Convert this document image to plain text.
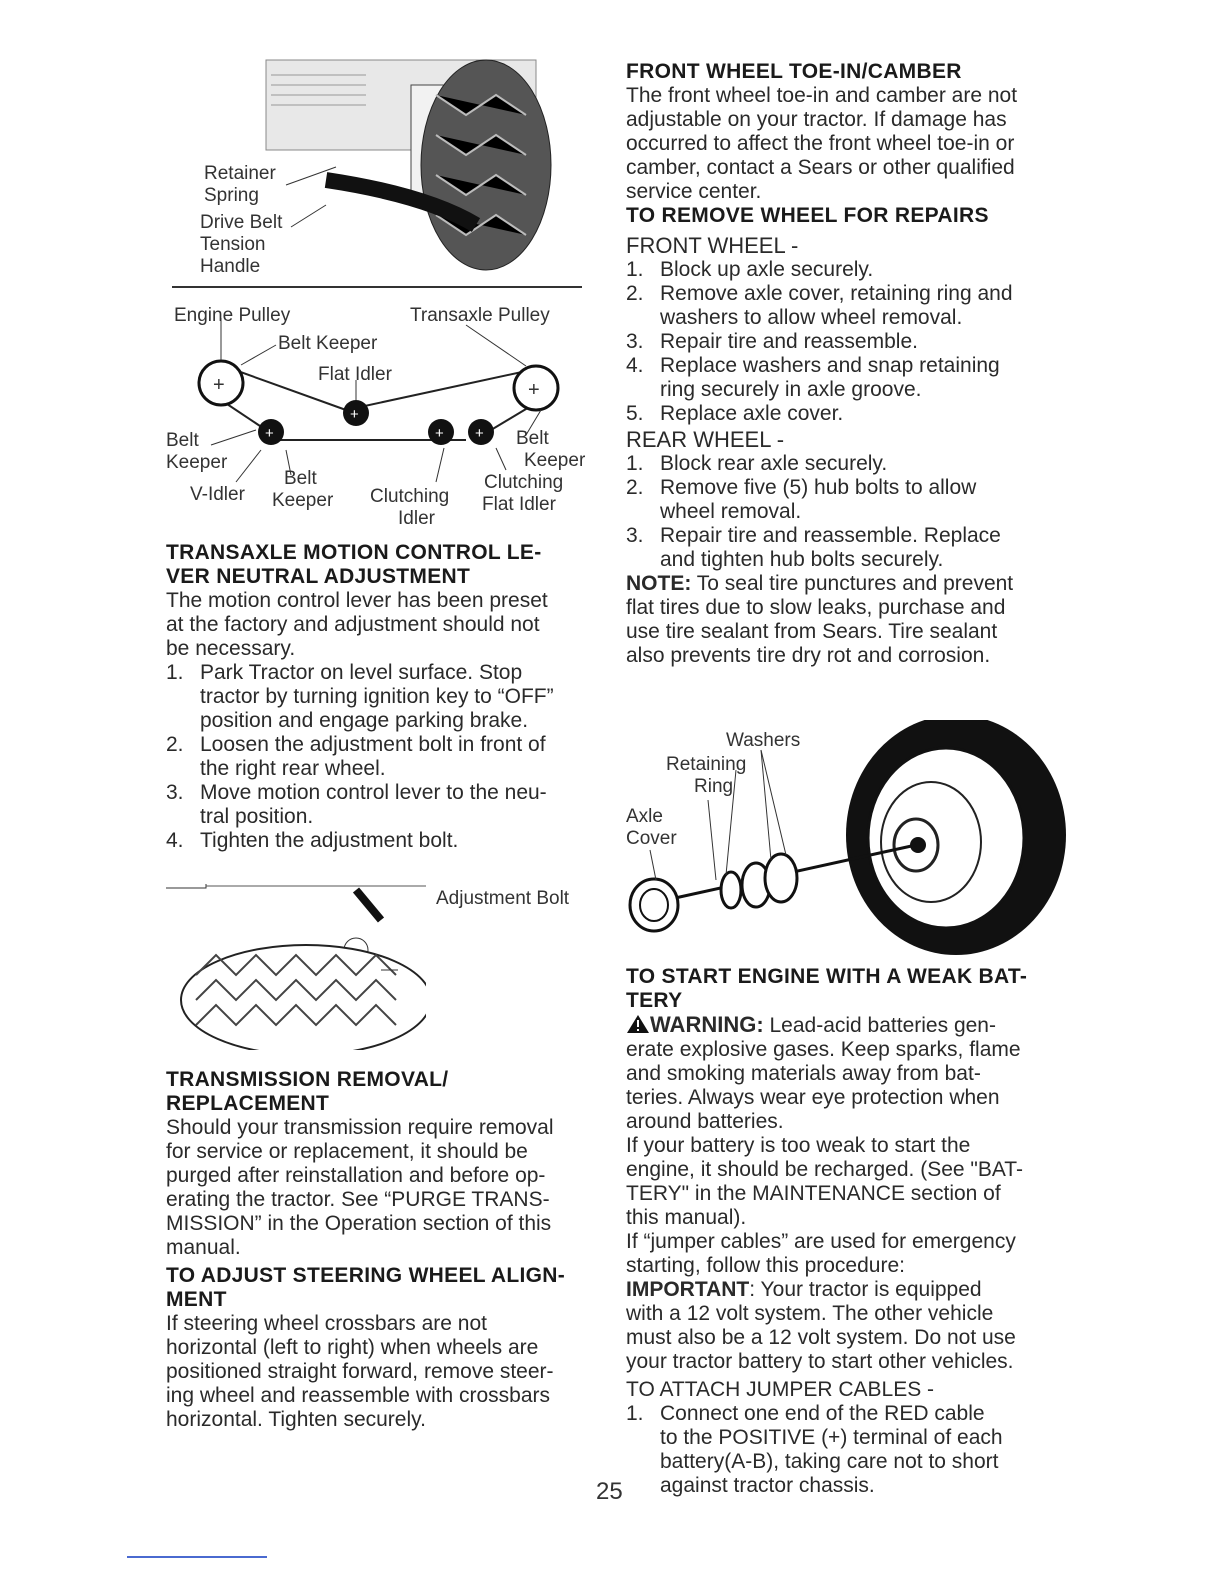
Retainer
Spring
Drive Belt
Tension
Handle
+	+
+
+
+ +
Engine Pulley	Transaxle Pulley
Belt Keeper
Flat Idler
Belt
Keeper
Belt
Keeper
V-Idler
Belt
Keeper Clutching
Idler
Clutching
Flat Idler
TRANSAXLE MOTION CONTROL LE-
VER NEUTRAL ADJUSTMENT
The motion control lever has been preset
at the factory and adjustment should not
be necessary.
1. Park Tractor on level surface. Stop
tractor by turning ignition key to “OFF”
position and engage parking brake.
2. Loosen the adjustment bolt in front of
the right rear wheel.
3. Move motion control lever to the neu-
tral position.
4. Tighten the adjustment bolt.
Adjustment Bolt
TRANSMISSION REMOVAL/
REPLACEMENT
Should your transmission require removal
for service or replacement, it should be
purged after reinstallation and before op-
erating the tractor. See “PURGE TRANS-
MISSION” in the Operation section of this
manual.
TO ADJUST STEERING WHEEL ALIGN-
MENT
If steering wheel crossbars are not
horizontal (left to right) when wheels are
positioned straight forward, remove steer-
ing wheel and reassemble with crossbars
horizontal. Tighten securely.
FRONT WHEEL TOE-IN/CAMBER
The front wheel toe-in and camber are not
adjustable on your tractor. If damage has
occurred to affect the front wheel toe-in or
camber, contact a Sears or other qualified
service center.
TO REMOVE WHEEL FOR REPAIRS
FRONT WHEEL -
1. Block up axle securely.
2. Remove axle cover, retaining ring and
washers to allow wheel removal.
3. Repair tire and reassemble.
4. Replace washers and snap retaining
ring securely in axle groove.
5. Replace axle cover.
REAR WHEEL -
1. Block rear axle securely.
2. Remove five (5) hub bolts to allow
wheel removal.
3. Repair tire and reassemble. Replace
and tighten hub bolts securely.
NOTE: To seal tire punctures and prevent
flat tires due to slow leaks, purchase and
use tire sealant from Sears. Tire sealant
also prevents tire dry rot and corrosion.
Washers
Retaining
Ring
Axle
Cover
TO START ENGINE WITH A WEAK BAT-
TERY
WARNING: Lead-acid batteries gen-
erate explosive gases. Keep sparks, flame
and smoking materials away from bat-
teries. Always wear eye protection when
around batteries.
If your battery is too weak to start the
engine, it should be recharged. (See "BAT-
TERY" in the MAINTENANCE section of
this manual).
If “jumper cables” are used for emergency
starting, follow this procedure:
IMPORTANT: Your tractor is equipped
with a 12 volt system. The other vehicle
must also be a 12 volt system. Do not use
your tractor battery to start other vehicles.
TO ATTACH JUMPER CABLES -
1. Connect one end of the RED cable
to the POSITIVE (+) terminal of each
battery(A-B), taking care not to short
against tractor chassis.
25
